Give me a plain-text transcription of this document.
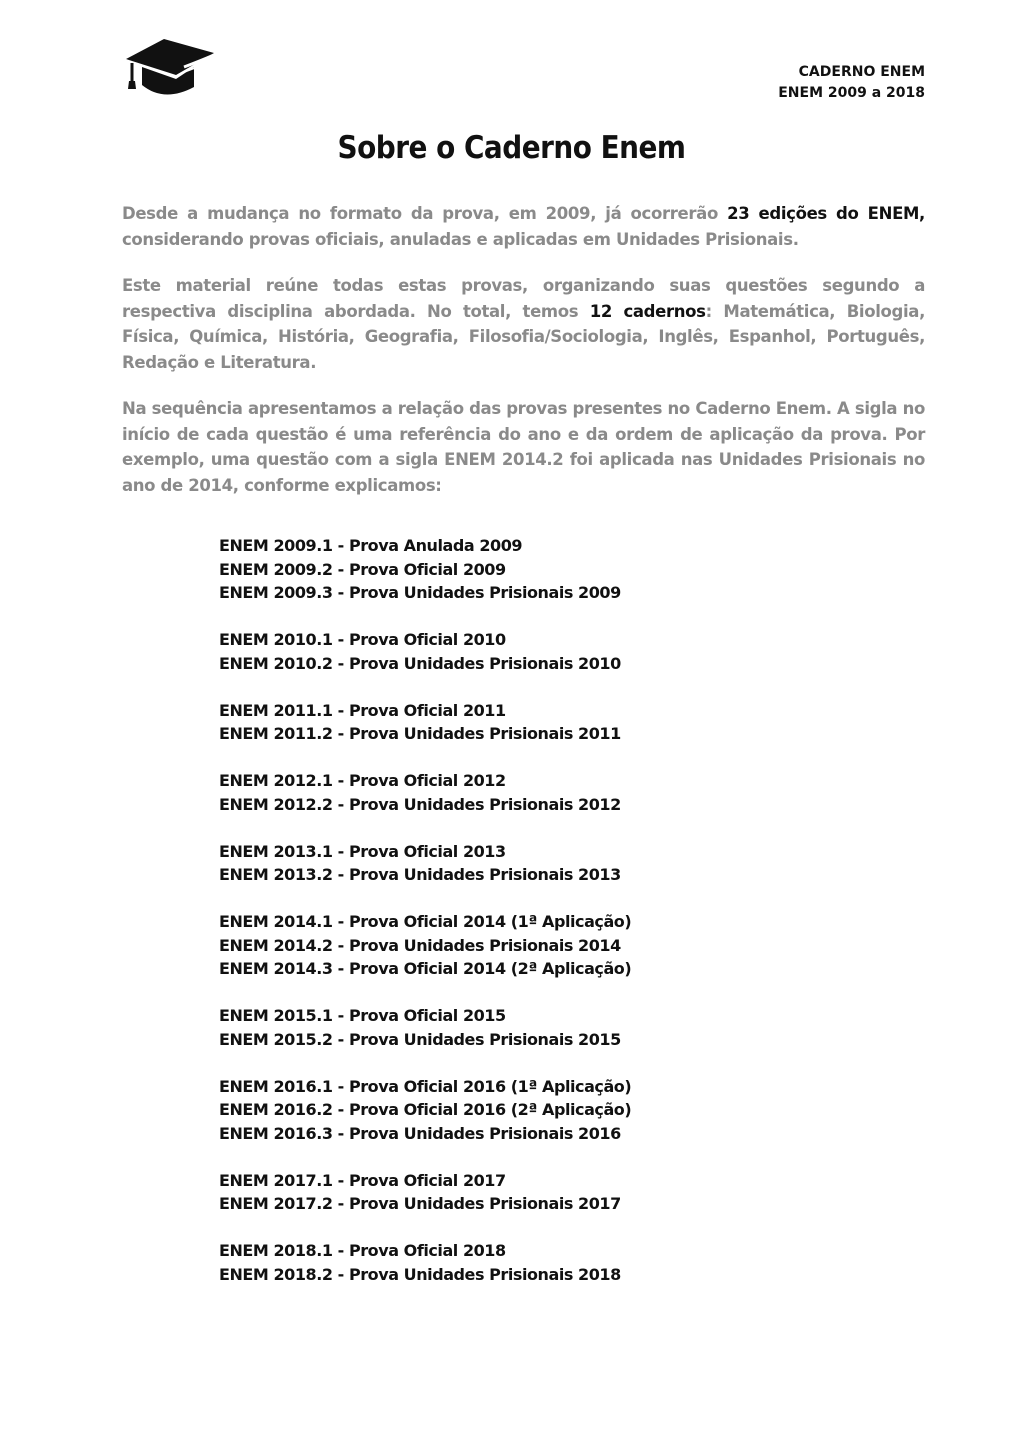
CADERNO ENEM
ENEM 2009 a 2018
Sobre o Caderno Enem

Desde a mudança no formato da prova, em 2009, já ocorrerão 23 edições do ENEM, considerando provas oficiais, anuladas e aplicadas em Unidades Prisionais.

Este material reúne todas estas provas, organizando suas questões segundo a respectiva disciplina abordada. No total, temos 12 cadernos: Matemática, Biologia, Física, Química, História, Geografia, Filosofia/Sociologia, Inglês, Espanhol, Português, Redação e Literatura.

Na sequência apresentamos a relação das provas presentes no Caderno Enem. A sigla no início de cada questão é uma referência do ano e da ordem de aplicação da prova. Por exemplo, uma questão com a sigla ENEM 2014.2 foi aplicada nas Unidades Prisionais no ano de 2014, conforme explicamos:

ENEM 2009.1 - Prova Anulada 2009
ENEM 2009.2 - Prova Oficial 2009
ENEM 2009.3 - Prova Unidades Prisionais 2009
ENEM 2010.1 - Prova Oficial 2010
ENEM 2010.2 - Prova Unidades Prisionais 2010
ENEM 2011.1 - Prova Oficial 2011
ENEM 2011.2 - Prova Unidades Prisionais 2011
ENEM 2012.1 - Prova Oficial 2012
ENEM 2012.2 - Prova Unidades Prisionais 2012
ENEM 2013.1 - Prova Oficial 2013
ENEM 2013.2 - Prova Unidades Prisionais 2013
ENEM 2014.1 - Prova Oficial 2014 (1ª Aplicação)
ENEM 2014.2 - Prova Unidades Prisionais 2014
ENEM 2014.3 - Prova Oficial 2014 (2ª Aplicação)
ENEM 2015.1 - Prova Oficial 2015
ENEM 2015.2 - Prova Unidades Prisionais 2015
ENEM 2016.1 - Prova Oficial 2016 (1ª Aplicação)
ENEM 2016.2 - Prova Oficial 2016 (2ª Aplicação)
ENEM 2016.3 - Prova Unidades Prisionais 2016
ENEM 2017.1 - Prova Oficial 2017
ENEM 2017.2 - Prova Unidades Prisionais 2017
ENEM 2018.1 - Prova Oficial 2018
ENEM 2018.2 - Prova Unidades Prisionais 2018
